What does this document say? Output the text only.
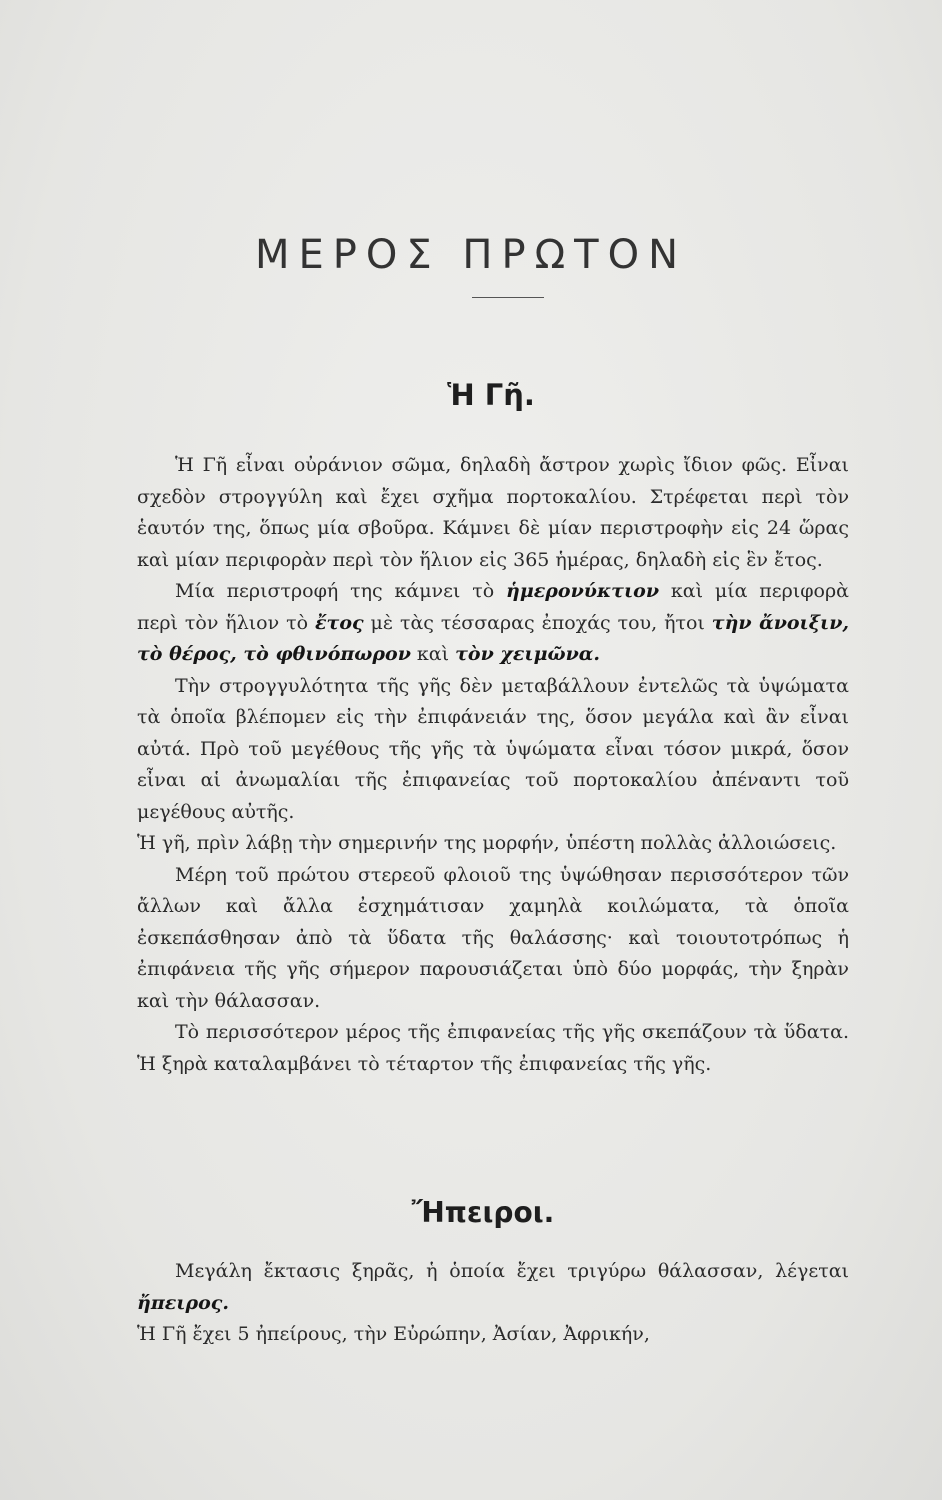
ΜΕΡΟΣ ΠΡΩΤΟΝ
Ἡ Γῆ.

Ἡ Γῆ εἶναι οὐράνιον σῶμα, δηλαδὴ ἄστρον χωρὶς ἴδιον φῶς. Εἶναι σχεδὸν στρογγύλη καὶ ἔχει σχῆμα πορτοκαλίου. Στρέφεται περὶ τὸν ἑαυτόν της, ὅπως μία σβοῦρα. Κάμνει δὲ μίαν περιστροφὴν εἰς 24 ὥρας καὶ μίαν περιφορὰν περὶ τὸν ἥλιον εἰς 365 ἡμέρας, δηλαδὴ εἰς ἓν ἔτος.

Μία περιστροφή της κάμνει τὸ ἡμερονύκτιον καὶ μία περιφορὰ περὶ τὸν ἥλιον τὸ ἔτος μὲ τὰς τέσσαρας ἐποχάς του, ἤτοι τὴν ἄνοιξιν, τὸ θέρος, τὸ φθινόπωρον καὶ τὸν χειμῶνα.

Τὴν στρογγυλότητα τῆς γῆς δὲν μεταβάλλουν ἐντελῶς τὰ ὑψώματα τὰ ὁποῖα βλέπομεν εἰς τὴν ἐπιφάνειάν της, ὅσον μεγάλα καὶ ἂν εἶναι αὐτά. Πρὸ τοῦ μεγέθους τῆς γῆς τὰ ὑψώματα εἶναι τόσον μικρά, ὅσον εἶναι αἱ ἀνωμαλίαι τῆς ἐπιφανείας τοῦ πορτοκαλίου ἀπέναντι τοῦ μεγέθους αὐτῆς.

Ἡ γῆ, πρὶν λάβῃ τὴν σημερινήν της μορφήν, ὑπέστη πολλὰς ἀλλοιώσεις.

Μέρη τοῦ πρώτου στερεοῦ φλοιοῦ της ὑψώθησαν περισσότερον τῶν ἄλλων καὶ ἄλλα ἐσχημάτισαν χαμηλὰ κοιλώματα, τὰ ὁποῖα ἐσκεπάσθησαν ἀπὸ τὰ ὕδατα τῆς θαλάσσης· καὶ τοιουτοτρόπως ἡ ἐπιφάνεια τῆς γῆς σήμερον παρουσιάζεται ὑπὸ δύο μορφάς, τὴν ξηρὰν καὶ τὴν θάλασσαν.

Τὸ περισσότερον μέρος τῆς ἐπιφανείας τῆς γῆς σκεπάζουν τὰ ὕδατα. Ἡ ξηρὰ καταλαμβάνει τὸ τέταρτον τῆς ἐπιφανείας τῆς γῆς.

Ἤπειροι.

Μεγάλη ἔκτασις ξηρᾶς, ἡ ὁποία ἔχει τριγύρω θάλασσαν, λέγεται ἤπειρος.

Ἡ Γῆ ἔχει 5 ἠπείρους, τὴν Εὐρώπην, Ἀσίαν, Ἀφρικήν,
